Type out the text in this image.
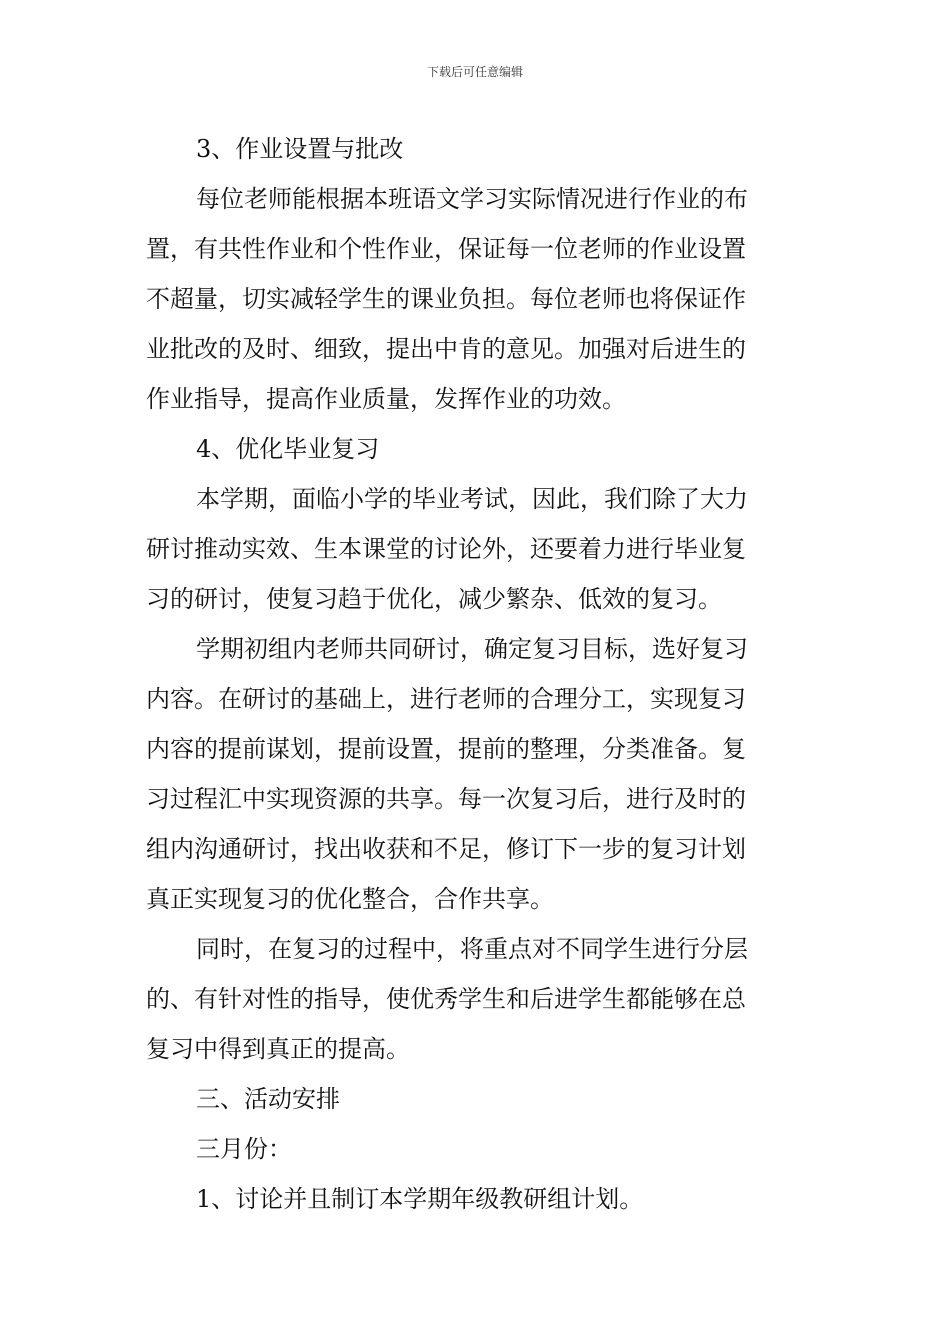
下载后可任意编辑
3、作业设置与批改
每位老师能根据本班语文学习实际情况进行作业的布
置，有共性作业和个性作业，保证每一位老师的作业设置
不超量，切实减轻学生的课业负担。每位老师也将保证作
业批改的及时、细致，提出中肯的意见。加强对后进生的
作业指导，提高作业质量，发挥作业的功效。
4、优化毕业复习
本学期，面临小学的毕业考试，因此，我们除了大力
研讨推动实效、生本课堂的讨论外，还要着力进行毕业复
习的研讨，使复习趋于优化，减少繁杂、低效的复习。
学期初组内老师共同研讨，确定复习目标，选好复习
内容。在研讨的基础上，进行老师的合理分工，实现复习
内容的提前谋划，提前设置，提前的整理，分类准备。复
习过程汇中实现资源的共享。每一次复习后，进行及时的
组内沟通研讨，找出收获和不足，修订下一步的复习计划
真正实现复习的优化整合，合作共享。
同时，在复习的过程中，将重点对不同学生进行分层
的、有针对性的指导，使优秀学生和后进学生都能够在总
复习中得到真正的提高。
三、活动安排
三月份：
1、讨论并且制订本学期年级教研组计划。
